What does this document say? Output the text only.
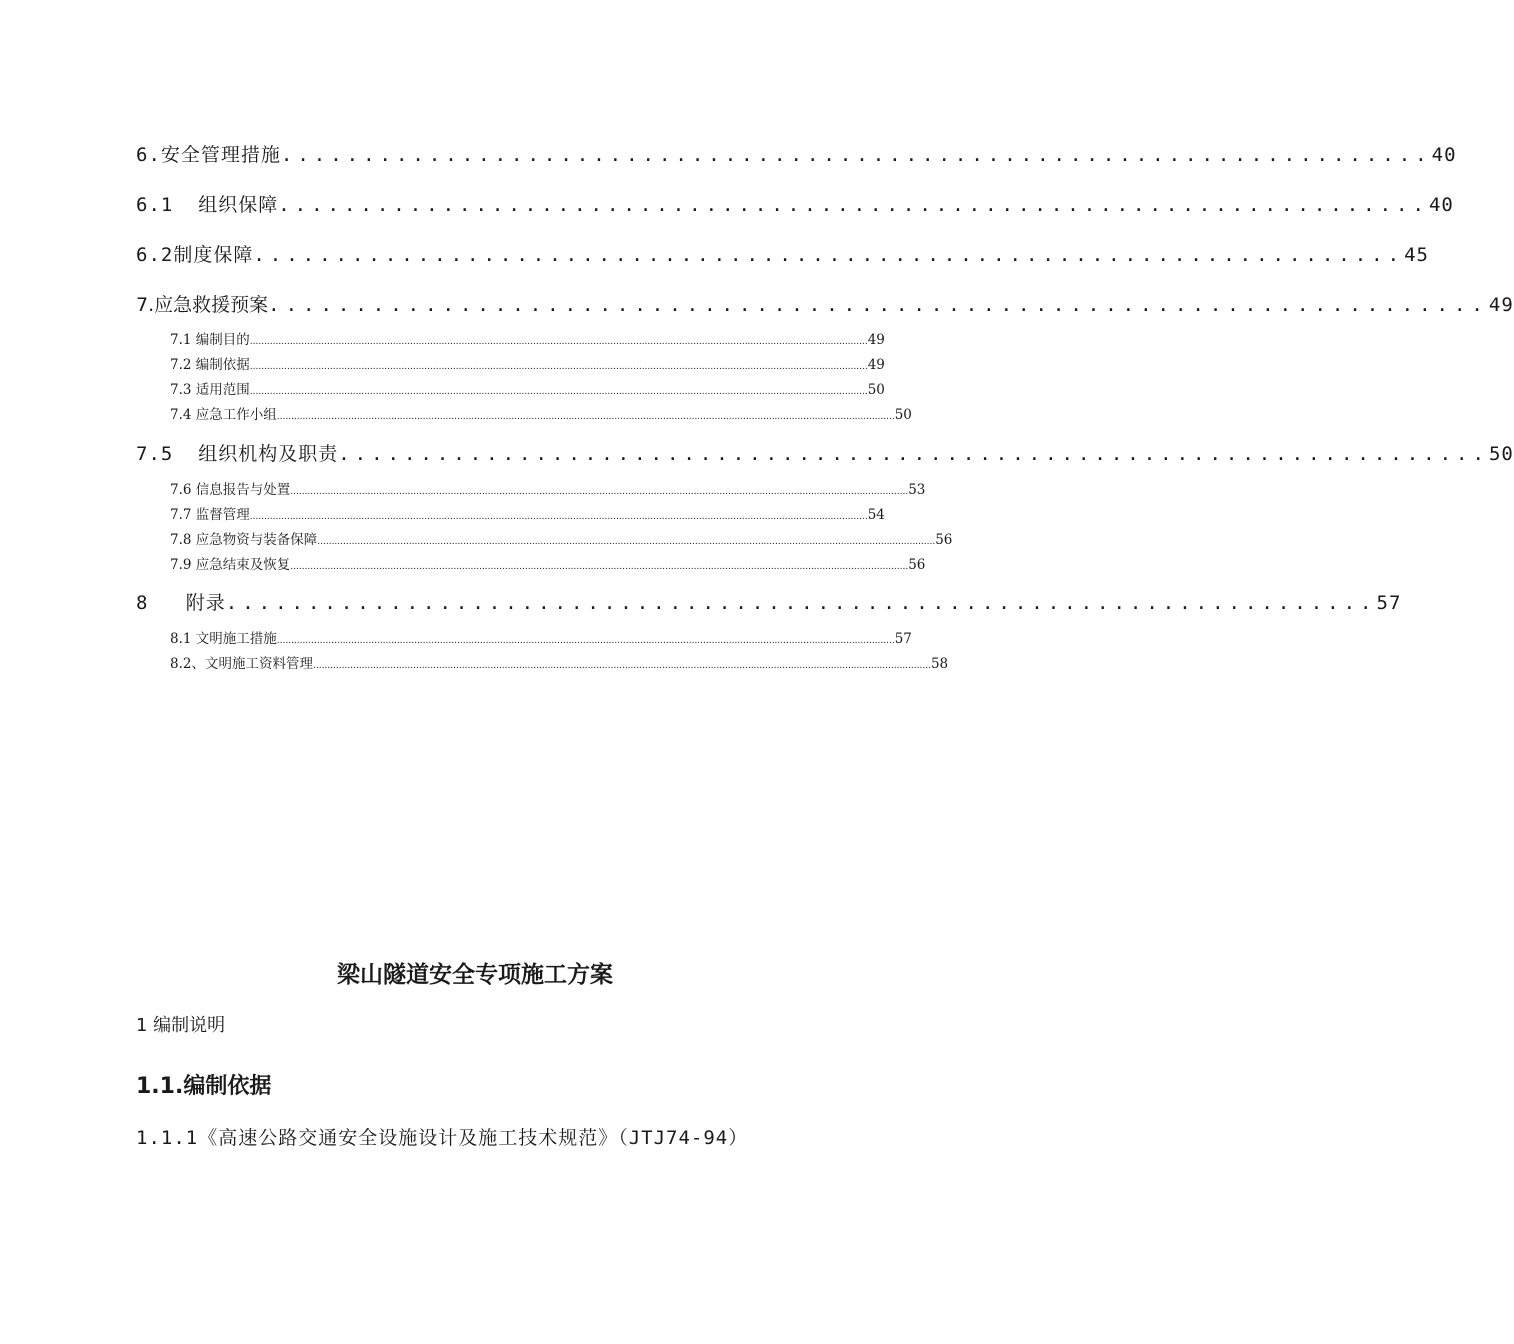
6.安全管理措施 ...................................................................... 40
6.1  组织保障 ...................................................................... 40
6.2制度保障 ...................................................................... 45
7.应急救援预案 ...................................................................... 49
7.1 编制目的 ........................................................................................................................................................................................................................ 49
7.2 编制依据 ........................................................................................................................................................................................................................ 49
7.3 适用范围 ........................................................................................................................................................................................................................ 50
7.4 应急工作小组 ........................................................................................................................................................................................................................ 50
7.5  组织机构及职责 ...................................................................... 50
7.6 信息报告与处置 ........................................................................................................................................................................................................................ 53
7.7 监督管理 ........................................................................................................................................................................................................................ 54
7.8 应急物资与装备保障 ........................................................................................................................................................................................................................ 56
7.9 应急结束及恢复 ........................................................................................................................................................................................................................ 56
8   附录 ...................................................................... 57
8.1 文明施工措施 ........................................................................................................................................................................................................................ 57
8.2、文明施工资料管理 ........................................................................................................................................................................................................................ 58
梁山隧道安全专项施工方案
1 编制说明
1.1.编制依据
1.1.1《高速公路交通安全设施设计及施工技术规范》（JTJ74-94）
